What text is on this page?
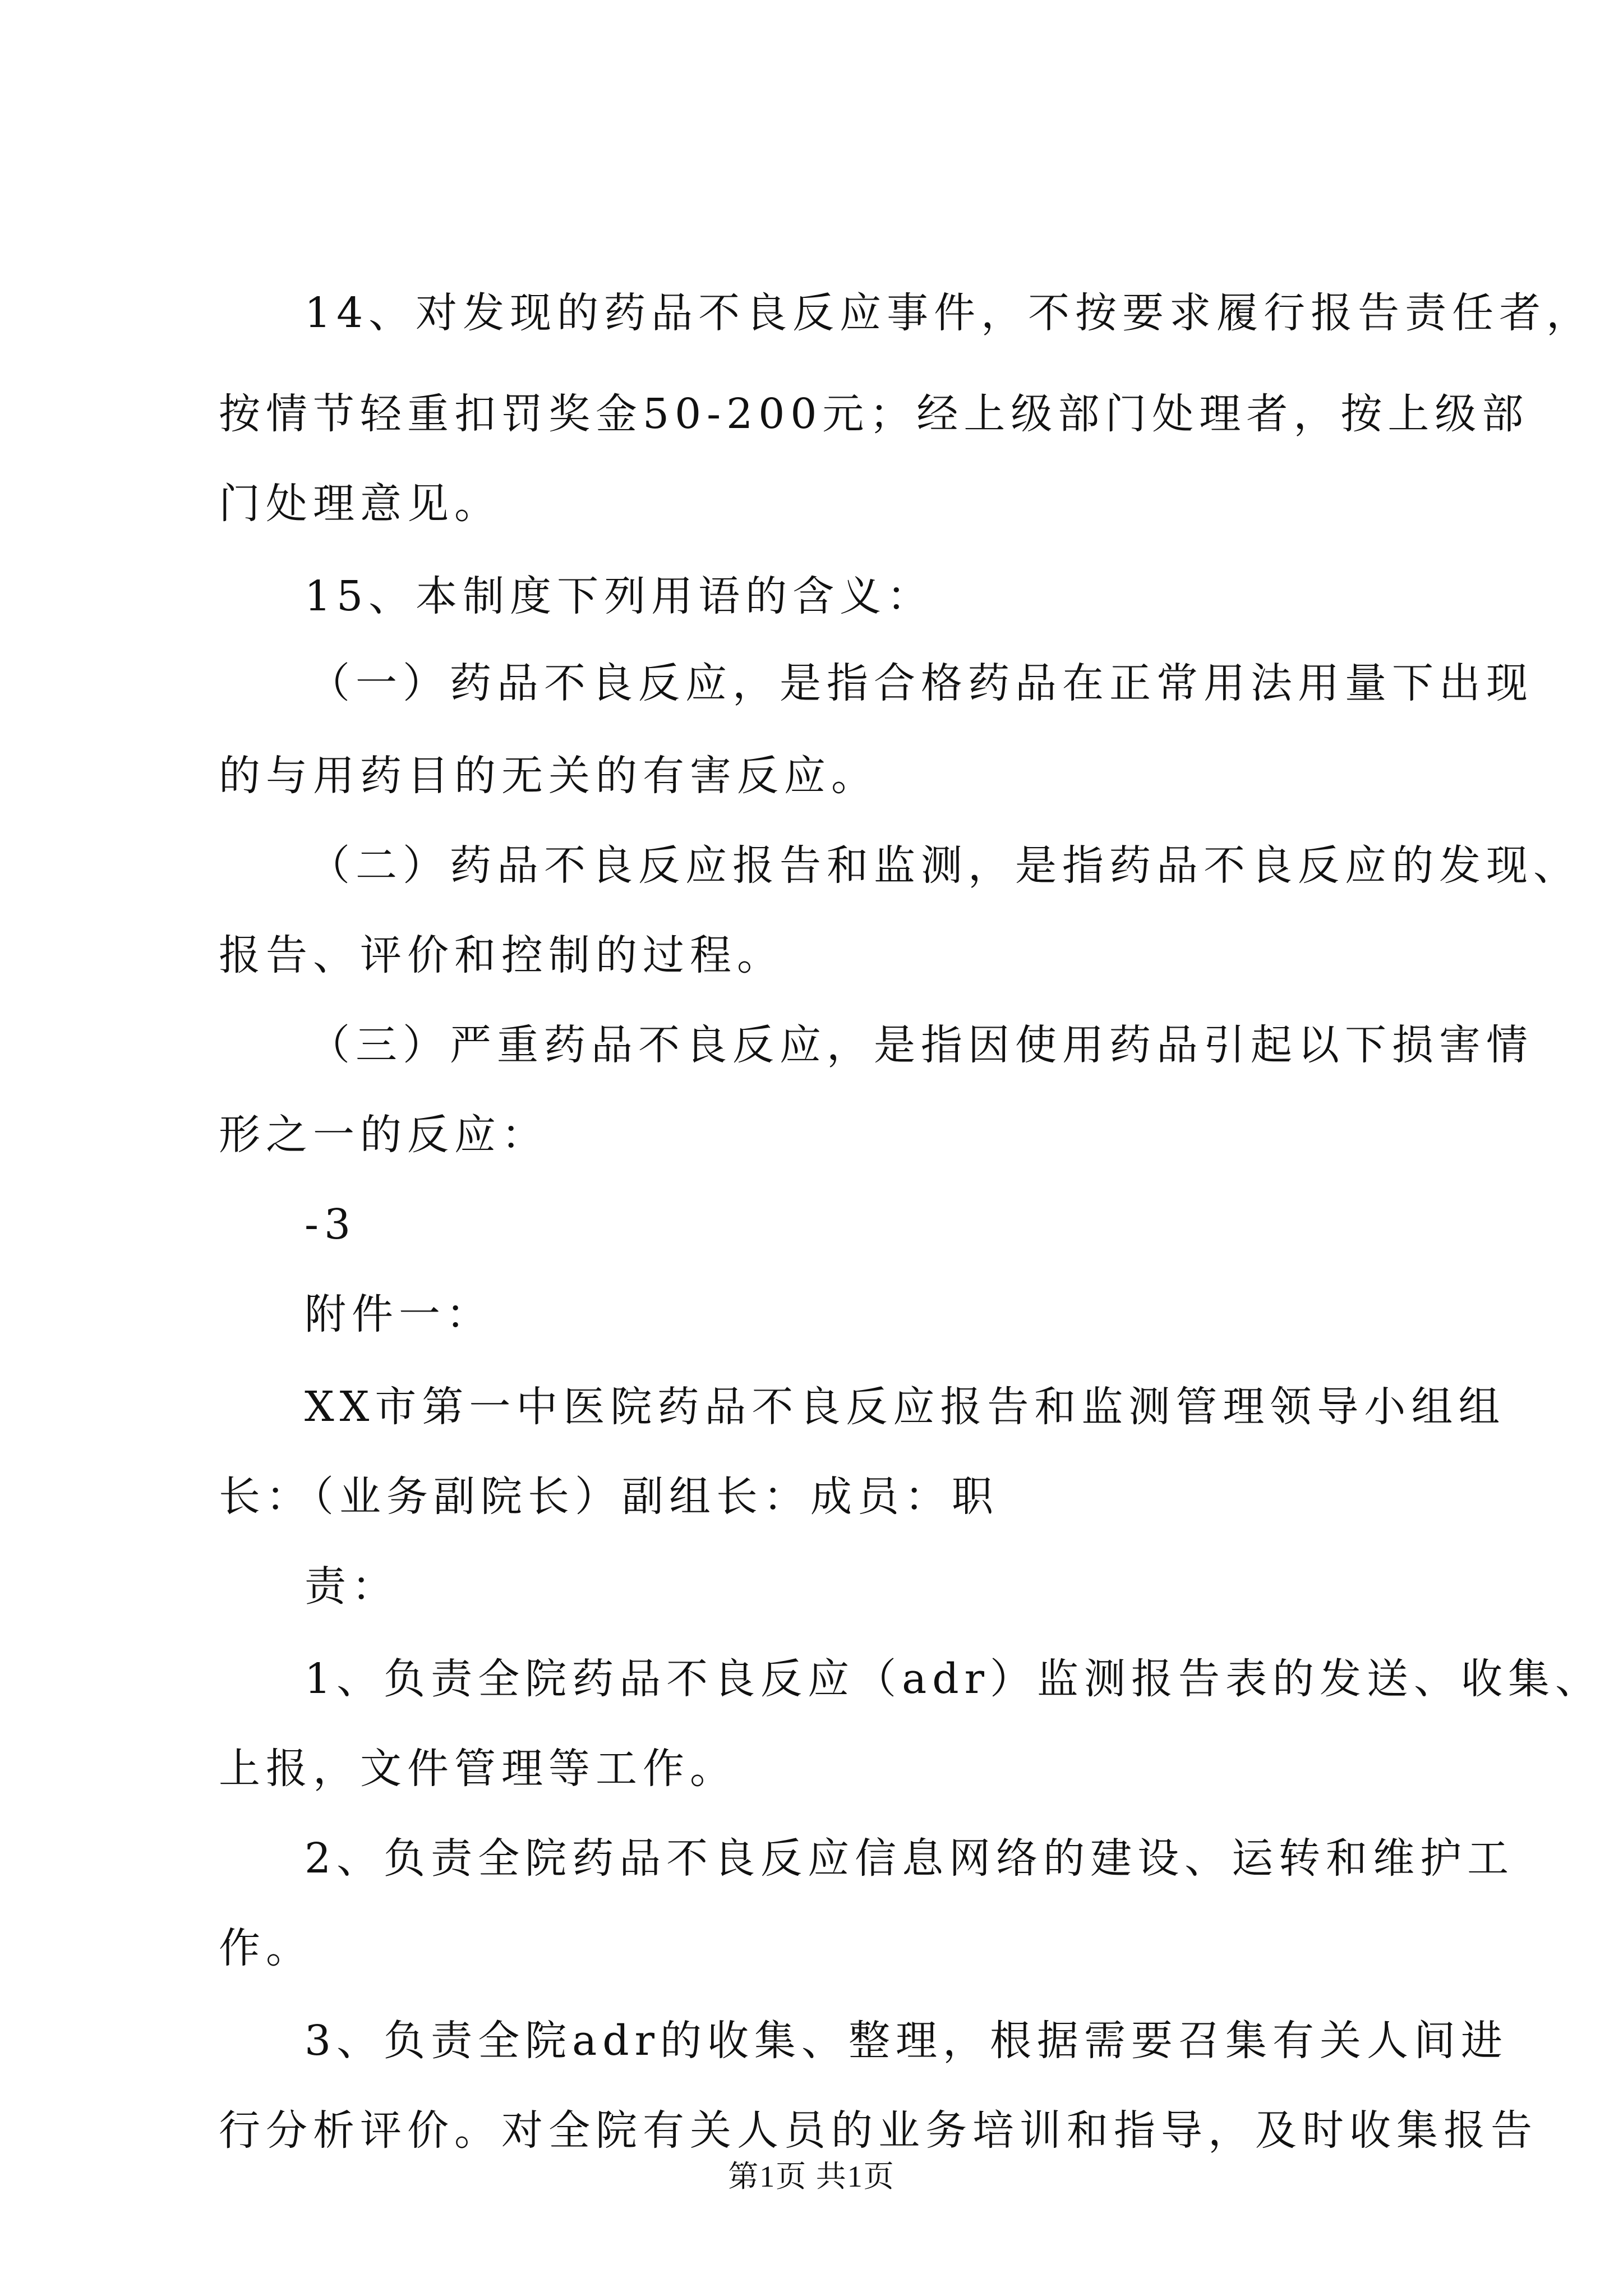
14、对发现的药品不良反应事件，不按要求履行报告责任者，
按情节轻重扣罚奖金50-200元；经上级部门处理者，按上级部
门处理意见。
15、本制度下列用语的含义：
（一）药品不良反应，是指合格药品在正常用法用量下出现
的与用药目的无关的有害反应。
（二）药品不良反应报告和监测，是指药品不良反应的发现、
报告、评价和控制的过程。
（三）严重药品不良反应，是指因使用药品引起以下损害情
形之一的反应：
-3
附件一：
XX市第一中医院药品不良反应报告和监测管理领导小组组
长：（业务副院长）副组长：成员：职
责：
1、负责全院药品不良反应（adr）监测报告表的发送、收集、
上报，文件管理等工作。
2、负责全院药品不良反应信息网络的建设、运转和维护工
作。
3、负责全院adr的收集、整理，根据需要召集有关人间进
行分析评价。对全院有关人员的业务培训和指导，及时收集报告
第1页 共1页
